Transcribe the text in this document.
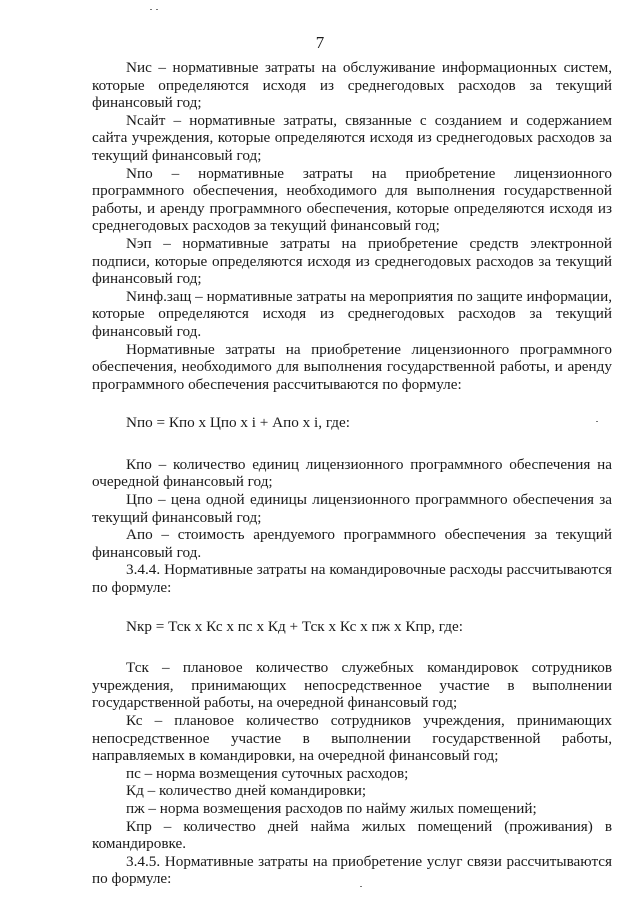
7

Nис – нормативные затраты на обслуживание информационных систем, которые определяются исходя из среднегодовых расходов за текущий финансовый год;

Nсайт – нормативные затраты, связанные с созданием и содержанием сайта учреждения, которые определяются исходя из среднегодовых расходов за текущий финансовый год;

Nпо – нормативные затраты на приобретение лицензионного программного обеспечения, необходимого для выполнения государственной работы, и аренду программного обеспечения, которые определяются исходя из среднегодовых расходов за текущий финансовый год;

Nэп – нормативные затраты на приобретение средств электронной подписи, которые определяются исходя из среднегодовых расходов за текущий финансовый год;

Nинф.защ – нормативные затраты на мероприятия по защите информации, которые определяются исходя из среднегодовых расходов за текущий финансовый год.

Нормативные затраты на приобретение лицензионного программного обеспечения, необходимого для выполнения государственной работы, и аренду программного обеспечения рассчитываются по формуле:

Nпо = Кпо х Цпо х i + Апо х i, где:

Кпо – количество единиц лицензионного программного обеспечения на очередной финансовый год;

Цпо – цена одной единицы лицензионного программного обеспечения за текущий финансовый год;

Апо – стоимость арендуемого программного обеспечения за текущий финансовый год.

3.4.4. Нормативные затраты на командировочные расходы рассчитываются по формуле:

Nкр = Тск х Кс х пс х Кд + Тск х Кс х пж х Кпр, где:

Тск – плановое количество служебных командировок сотрудников учреждения, принимающих непосредственное участие в выполнении государственной работы, на очередной финансовый год;

Кс – плановое количество сотрудников учреждения, принимающих непосредственное участие в выполнении государственной работы, направляемых в командировки, на очередной финансовый год;

пс – норма возмещения суточных расходов;

Кд – количество дней командировки;

пж – норма возмещения расходов по найму жилых помещений;

Кпр – количество дней найма жилых помещений (проживания) в командировке.

3.4.5. Нормативные затраты на приобретение услуг связи рассчитываются по формуле:
